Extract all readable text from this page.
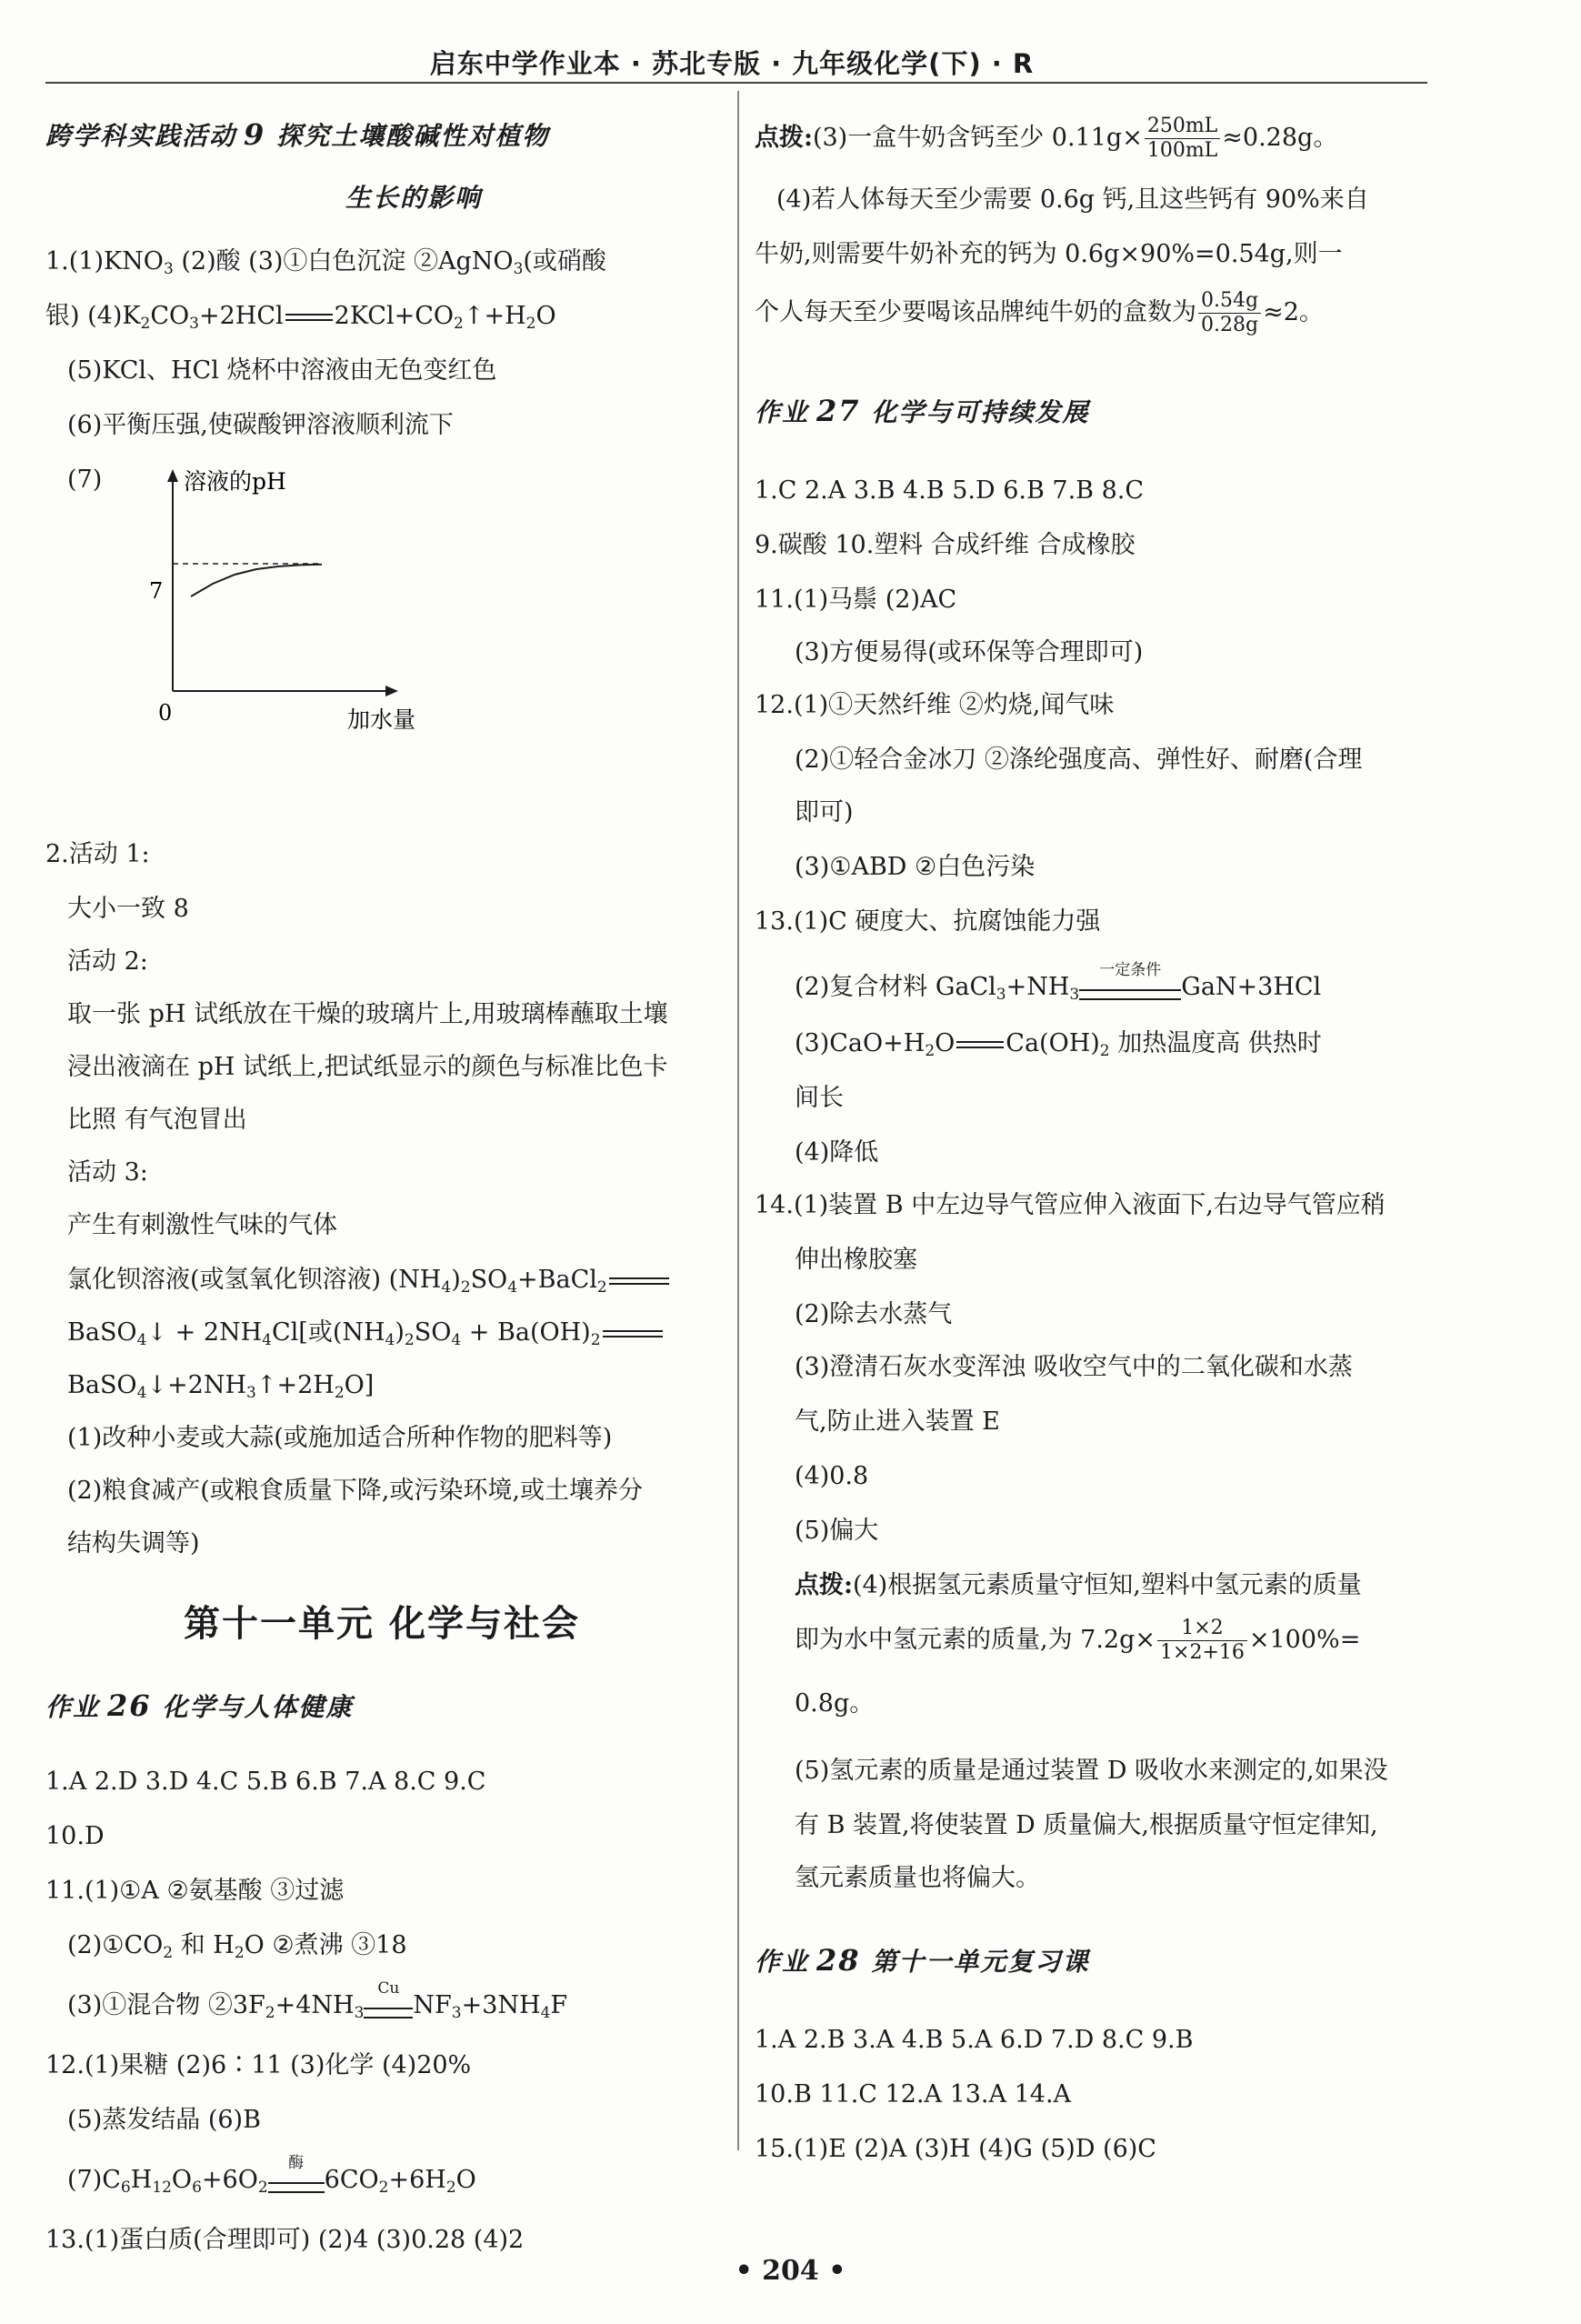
启东中学作业本 · 苏北专版 · 九年级化学(下) · R
跨学科实践活动 9 探究土壤酸碱性对植物
生长的影响
$1.(1)KNO_3$ (2)酸 (3)①白色沉淀 ②AgNO$_3$(或硝酸
银) $(4)K_2CO_3+2HCl$ $2KCl+CO_2↑+H_2O$
(5)KCl、HCl 烧杯中溶液由无色变红色
(6)平衡压强,使碳酸钾溶液顺利流下
(7)	溶液的pH
加水量
0
7
2.活动 1:
大小一致 8
活动 2:
取一张 pH 试纸放在干燥的玻璃片上,用玻璃棒蘸取土壤
浸出液滴在 pH 试纸上,把试纸显示的颜色与标准比色卡
比照 有气泡冒出
活动 3:
产生有刺激性气味的气体
氯化钡溶液(或氢氧化钡溶液) $(NH_4)_2SO_4+BaCl_2$
BaSO$_4$↓ + $2NH_4Cl$[或$(NH_4)_2SO_4 + Ba(OH)_2$
$BaSO_4↓+2NH_3↑+2H_2O$]
(1)改种小麦或大蒜(或施加适合所种作物的肥料等)
(2)粮食减产(或粮食质量下降,或污染环境,或土壤养分
结构失调等)
第十一单元 化学与社会
作业 26 化学与人体健康
1.A 2.D 3.D 4.C 5.B 6.B 7.A 8.C 9.C
10.D
11.(1)①A ②氨基酸 ③过滤
$(2)①CO_2$ 和 $H_2O$ ②煮沸 ③18
(3)①混合物 $②3F_2+4NH_3$
Cu
$NF_3+3NH_4F$
12.(1)果糖 (2)6∶11 (3)化学 (4)20%
(5)蒸发结晶 (6)B
$(7)C_6H_{12}O_6+6O_2$
酶
$6CO_2+6H_2O$
13.(1)蛋白质(合理即可) (2)4 (3)0.28 (4)2
点拨:(3)一盒牛奶含钙至少 $0.11g\times \frac{250mL}{100mL} \approx 0.28g$。
(4)若人体每天至少需要 0.6g 钙,且这些钙有 90%来自
牛奶,则需要牛奶补充的钙为 0.6g×90%=0.54g,则一
个人每天至少要喝该品牌纯牛奶的盒数为 $\frac{0.54g}{0.28g} \approx 2$。
作业 27 化学与可持续发展
1.C 2.A 3.B 4.B 5.D 6.B 7.B 8.C
9.碳酸 10.塑料 合成纤维 合成橡胶
11.(1)马鬃 (2)AC
(3)方便易得(或环保等合理即可)
12.(1)①天然纤维 ②灼烧,闻气味
(2)①轻合金冰刀 ②涤纶强度高、弹性好、耐磨(合理
即可)
(3)①ABD ②白色污染
13.(1)C 硬度大、抗腐蚀能力强
(2)复合材料 $GaCl_3+NH_3$
一定条件
GaN+3HCl
$(3)CaO+H_2O$ $Ca(OH)_2$ 加热温度高 供热时
间长
(4)降低
14.(1)装置 B 中左边导气管应伸入液面下,右边导气管应稍
伸出橡胶塞
(2)除去水蒸气
(3)澄清石灰水变浑浊 吸收空气中的二氧化碳和水蒸
气,防止进入装置 E
(4)0.8
(5)偏大
点拨:(4)根据氢元素质量守恒知,塑料中氢元素的质量
即为水中氢元素的质量,为 $7.2g\times \frac{1\times 2}{1\times 2+16} \times 100\%=$
0.8g。
(5)氢元素的质量是通过装置 D 吸收水来测定的,如果没
有 B 装置,将使装置 D 质量偏大,根据质量守恒定律知,
氢元素质量也将偏大。
作业 28 第十一单元复习课
1.A 2.B 3.A 4.B 5.A 6.D 7.D 8.C 9.B
10.B 11.C 12.A 13.A 14.A
15.(1)E (2)A (3)H (4)G (5)D (6)C
• 204 •
